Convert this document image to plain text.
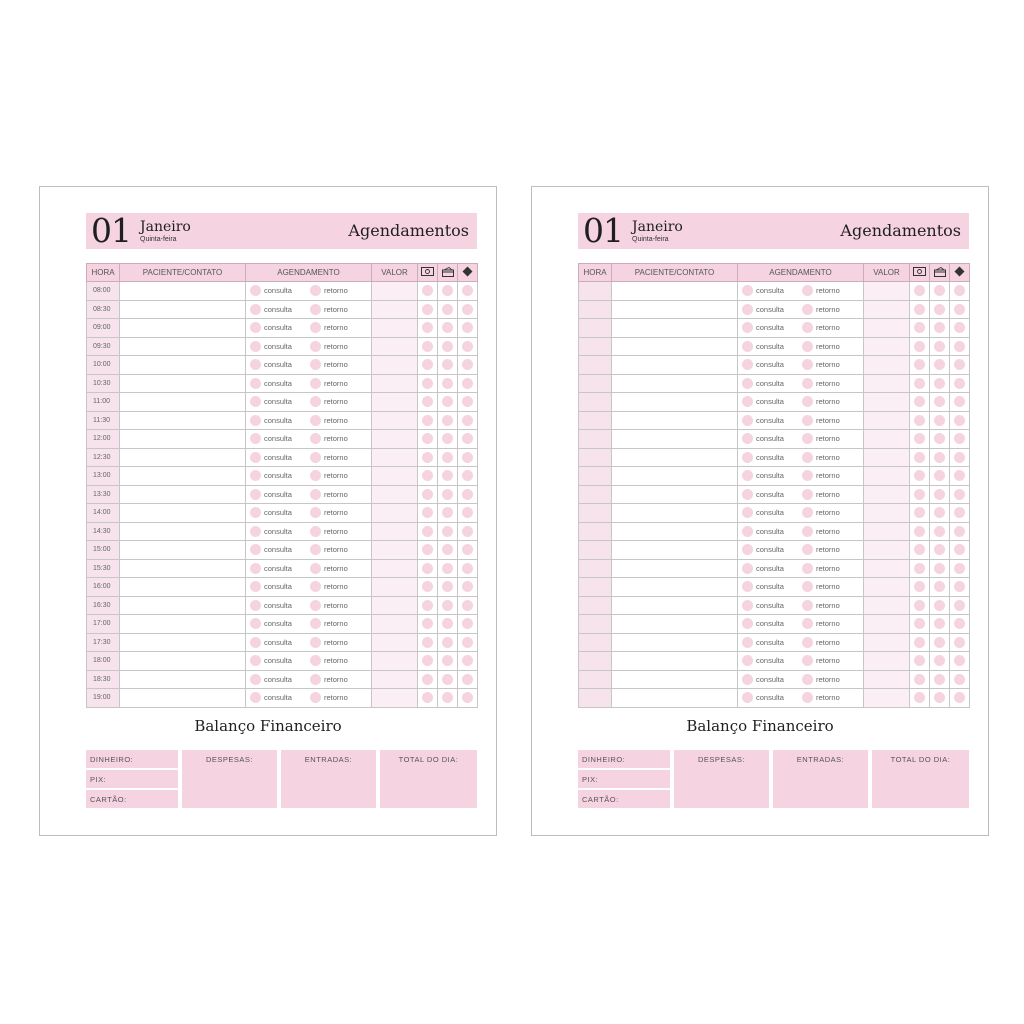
01 Janeiro
Quinta-feira	Agendamentos
HORA	PACIENTE/CONTATO	AGENDAMENTO	VALOR			
08:00		consulta retorno				

08:30		consulta retorno				

09:00		consulta retorno				

09:30		consulta retorno				

10:00		consulta retorno				

10:30		consulta retorno				

11:00		consulta retorno				

11:30		consulta retorno				

12:00		consulta retorno				

12:30		consulta retorno				

13:00		consulta retorno				

13:30		consulta retorno				

14:00		consulta retorno				

14:30		consulta retorno				

15:00		consulta retorno				

15:30		consulta retorno				

16:00		consulta retorno				

16:30		consulta retorno				

17:00		consulta retorno				

17:30		consulta retorno				

18:00		consulta retorno				

18:30		consulta retorno				

19:00		consulta retorno				

Balanço Financeiro
DINHEIRO:
PIX:
CARTÃO:
DESPESAS:	ENTRADAS:	TOTAL DO DIA:
01 Janeiro
Quinta-feira	Agendamentos
HORA	PACIENTE/CONTATO	AGENDAMENTO	VALOR			

		consulta retorno				

		consulta retorno				

		consulta retorno				

		consulta retorno				

		consulta retorno				

		consulta retorno				

		consulta retorno				

		consulta retorno				

		consulta retorno				

		consulta retorno				

		consulta retorno				

		consulta retorno				

		consulta retorno				

		consulta retorno				

		consulta retorno				

		consulta retorno				

		consulta retorno				

		consulta retorno				

		consulta retorno				

		consulta retorno				

		consulta retorno				

		consulta retorno				

		consulta retorno				

Balanço Financeiro
DINHEIRO:
PIX:
CARTÃO:
DESPESAS:	ENTRADAS:	TOTAL DO DIA:
